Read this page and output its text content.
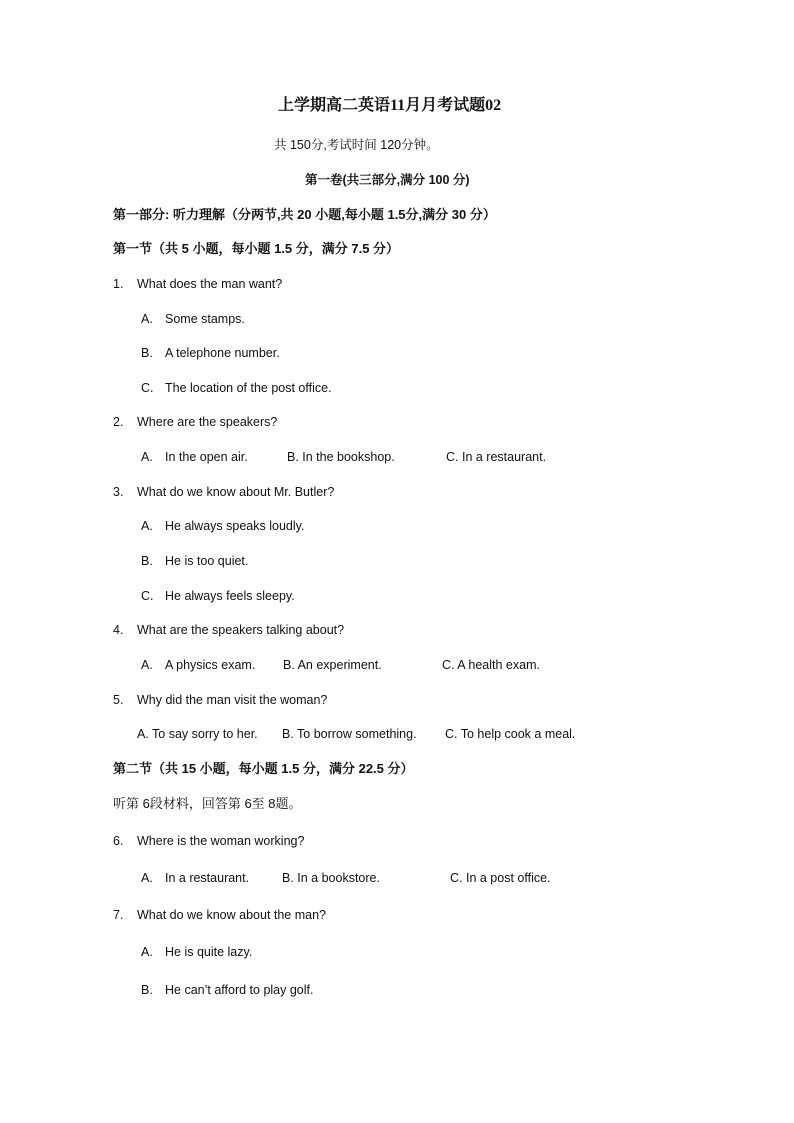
上学期高二英语11月月考试题02
共 150分,考试时间 120分钟。
第一卷(共三部分,满分 100 分)
第一部分: 听力理解（分两节,共 20 小题,每小题 1.5分,满分 30 分）
第一节（共 5 小题，每小题 1.5 分，满分 7.5 分）
1. What does the man want?
A. Some stamps.
B. A telephone number.
C. The location of the post office.
2. Where are the speakers?
A. In the open air.	B. In the bookshop.	C. In a restaurant.
3. What do we know about Mr. Butler?
A. He always speaks loudly.
B. He is too quiet.
C. He always feels sleepy.
4. What are the speakers talking about?
A. A physics exam. B. An experiment.	C. A health exam.
5. Why did the man visit the woman?
A. To say sorry to her. B. To borrow something. C. To help cook a meal.
第二节（共 15 小题，每小题 1.5 分，满分 22.5 分）
听第 6段材料，回答第 6至 8题。
6. Where is the woman working?
A. In a restaurant.	B. In a bookstore.	C. In a post office.
7. What do we know about the man?
A. He is quite lazy.
B. He can’t afford to play golf.
